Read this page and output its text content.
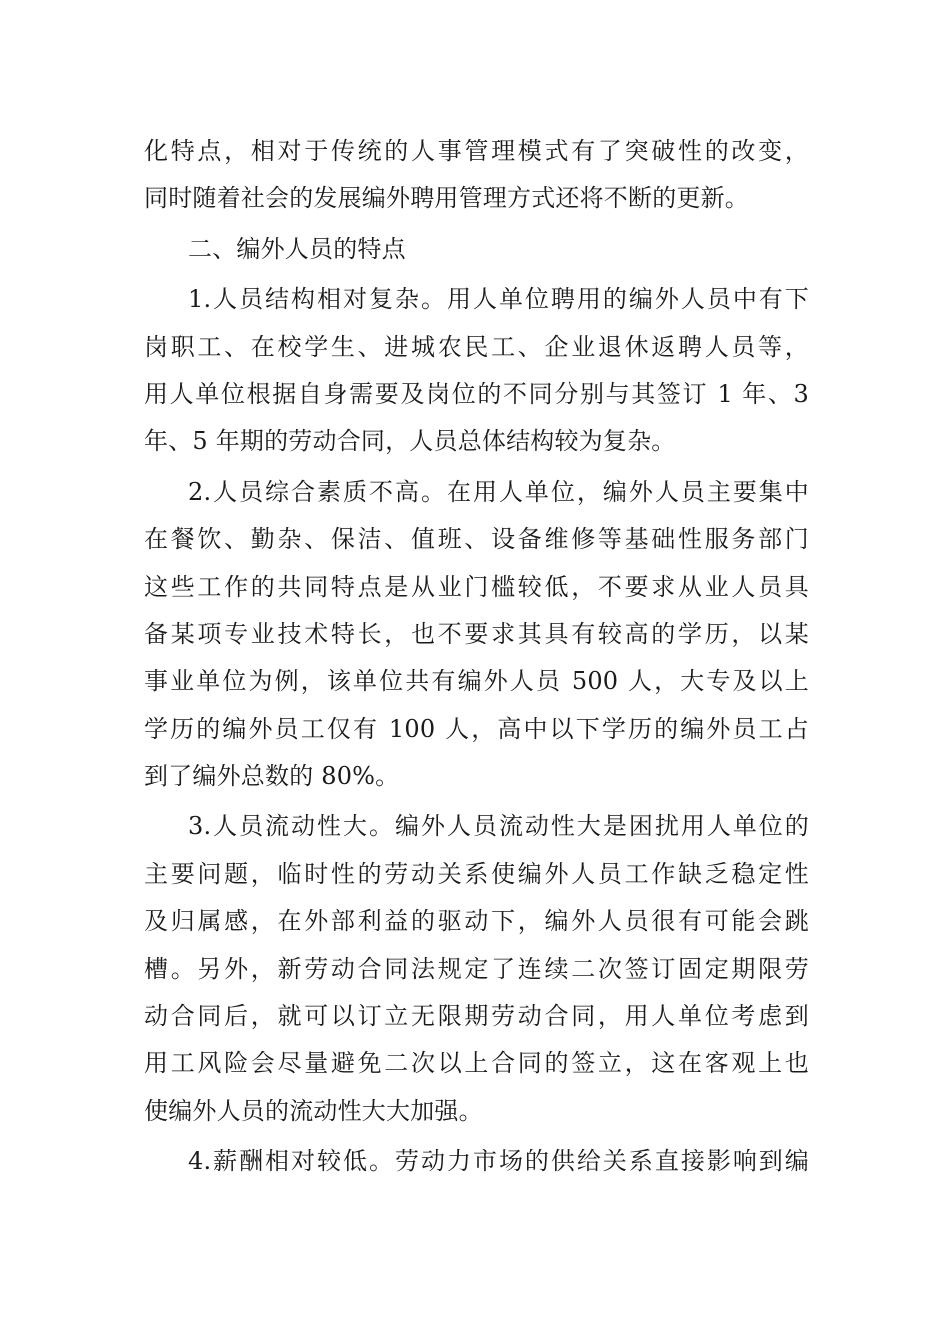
化特点，相对于传统的人事管理模式有了突破性的改变，
同时随着社会的发展编外聘用管理方式还将不断的更新。
二、编外人员的特点
1.人员结构相对复杂。用人单位聘用的编外人员中有下
岗职工、在校学生、进城农民工、企业退休返聘人员等，
用人单位根据自身需要及岗位的不同分别与其签订 1 年、3
年、5 年期的劳动合同，人员总体结构较为复杂。
2.人员综合素质不高。在用人单位，编外人员主要集中
在餐饮、勤杂、保洁、值班、设备维修等基础性服务部门
这些工作的共同特点是从业门槛较低，不要求从业人员具
备某项专业技术特长，也不要求其具有较高的学历，以某
事业单位为例，该单位共有编外人员 500 人，大专及以上
学历的编外员工仅有 100 人，高中以下学历的编外员工占
到了编外总数的 80%。
3.人员流动性大。编外人员流动性大是困扰用人单位的
主要问题，临时性的劳动关系使编外人员工作缺乏稳定性
及归属感，在外部利益的驱动下，编外人员很有可能会跳
槽。另外，新劳动合同法规定了连续二次签订固定期限劳
动合同后，就可以订立无限期劳动合同，用人单位考虑到
用工风险会尽量避免二次以上合同的签立，这在客观上也
使编外人员的流动性大大加强。
4.薪酬相对较低。劳动力市场的供给关系直接影响到编
